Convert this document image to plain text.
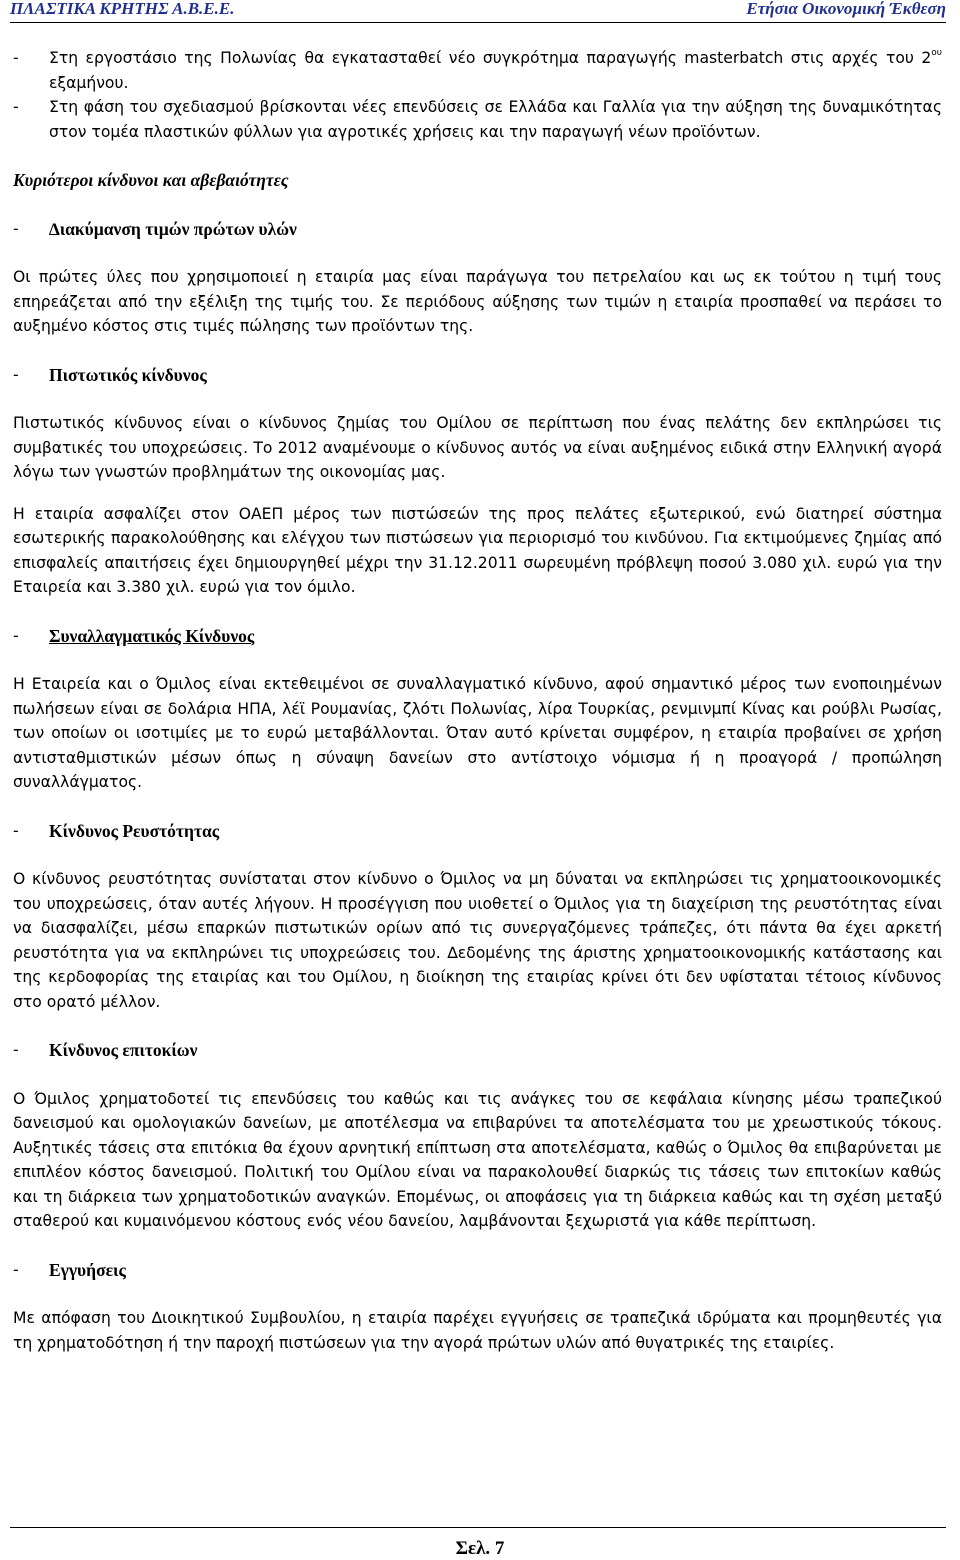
ΠΛΑΣΤΙΚΑ ΚΡΗΤΗΣ Α.Β.Ε.Ε.	Ετήσια Οικονοµική Έκθεση
-	Στη εργοστάσιο της Πολωνίας θα εγκατασταθεί νέο συγκρότηµα παραγωγής masterbatch στις αρχές του $2^{o\upsilon}$ εξαµήνου.
-	Στη φάση του σχεδιασµού βρίσκονται νέες επενδύσεις σε Ελλάδα και Γαλλία για την αύξηση της δυναµικότητας στον τοµέα πλαστικών φύλλων για αγροτικές χρήσεις και την παραγωγή νέων προϊόντων.
Κυριότεροι κίνδυνοι και αβεβαιότητες
-	∆ιακύµανση τιµών πρώτων υλών

Οι πρώτες ύλες που χρησιµοποιεί η εταιρία µας είναι παράγωγα του πετρελαίου και ως εκ τούτου η τιµή τους επηρεάζεται από την εξέλιξη της τιµής του. Σε περιόδους αύξησης των τιµών η εταιρία προσπαθεί να περάσει το αυξηµένο κόστος στις τιµές πώλησης των προϊόντων της.

-	Πιστωτικός κίνδυνος

Πιστωτικός κίνδυνος είναι ο κίνδυνος ζηµίας του Οµίλου σε περίπτωση που ένας πελάτης δεν εκπληρώσει τις συµβατικές του υποχρεώσεις. Το 2012 αναµένουµε ο κίνδυνος αυτός να είναι αυξηµένος ειδικά στην Ελληνική αγορά λόγω των γνωστών προβληµάτων της οικονοµίας µας.

Η εταιρία ασφαλίζει στον ΟΑΕΠ µέρος των πιστώσεών της προς πελάτες εξωτερικού, ενώ διατηρεί σύστηµα εσωτερικής παρακολούθησης και ελέγχου των πιστώσεων για περιορισµό του κινδύνου. Για εκτιµούµενες ζηµίας από επισφαλείς απαιτήσεις έχει δηµιουργηθεί µέχρι την 31.12.2011 σωρευµένη πρόβλεψη ποσού 3.080 χιλ. ευρώ για την Εταιρεία και 3.380 χιλ. ευρώ για τον όµιλο.

-	Συναλλαγµατικός Κίνδυνος

Η Εταιρεία και ο Όµιλος είναι εκτεθειµένοι σε συναλλαγµατικό κίνδυνο, αφού σηµαντικό µέρος των ενοποιηµένων πωλήσεων είναι σε δολάρια ΗΠΑ, λέϊ Ρουµανίας, ζλότι Πολωνίας, λίρα Τουρκίας, ρενµινµπί Κίνας και ρούβλι Ρωσίας, των οποίων οι ισοτιµίες µε το ευρώ µεταβάλλονται. Όταν αυτό κρίνεται συµφέρον, η εταιρία προβαίνει σε χρήση αντισταθµιστικών µέσων όπως η σύναψη δανείων στο αντίστοιχο νόµισµα ή η προαγορά / προπώληση συναλλάγµατος.

-	Κίνδυνος Ρευστότητας

Ο κίνδυνος ρευστότητας συνίσταται στον κίνδυνο ο Όµιλος να µη δύναται να εκπληρώσει τις χρηµατοοικονοµικές του υποχρεώσεις, όταν αυτές λήγουν. Η προσέγγιση που υιοθετεί ο Όµιλος για τη διαχείριση της ρευστότητας είναι να διασφαλίζει, µέσω επαρκών πιστωτικών ορίων από τις συνεργαζόµενες τράπεζες, ότι πάντα θα έχει αρκετή ρευστότητα για να εκπληρώνει τις υποχρεώσεις του. ∆εδοµένης της άριστης χρηµατοοικονοµικής κατάστασης και της κερδοφορίας της εταιρίας και του Οµίλου, η διοίκηση της εταιρίας κρίνει ότι δεν υφίσταται τέτοιος κίνδυνος στο ορατό µέλλον.

-	Κίνδυνος επιτοκίων

Ο Όµιλος χρηµατοδοτεί τις επενδύσεις του καθώς και τις ανάγκες του σε κεφάλαια κίνησης µέσω τραπεζικού δανεισµού και οµολογιακών δανείων, µε αποτέλεσµα να επιβαρύνει τα αποτελέσµατα του µε χρεωστικούς τόκους. Αυξητικές τάσεις στα επιτόκια θα έχουν αρνητική επίπτωση στα αποτελέσµατα, καθώς ο Όµιλος θα επιβαρύνεται µε επιπλέον κόστος δανεισµού. Πολιτική του Οµίλου είναι να παρακολουθεί διαρκώς τις τάσεις των επιτοκίων καθώς και τη διάρκεια των χρηµατοδοτικών αναγκών. Εποµένως, οι αποφάσεις για τη διάρκεια καθώς και τη σχέση µεταξύ σταθερού και κυµαινόµενου κόστους ενός νέου δανείου, λαµβάνονται ξεχωριστά για κάθε περίπτωση.

-	Εγγυήσεις

Με απόφαση του ∆ιοικητικού Συµβουλίου, η εταιρία παρέχει εγγυήσεις σε τραπεζικά ιδρύµατα και προµηθευτές για τη χρηµατοδότηση ή την παροχή πιστώσεων για την αγορά πρώτων υλών από θυγατρικές της εταιρίες.

Σελ. 7
